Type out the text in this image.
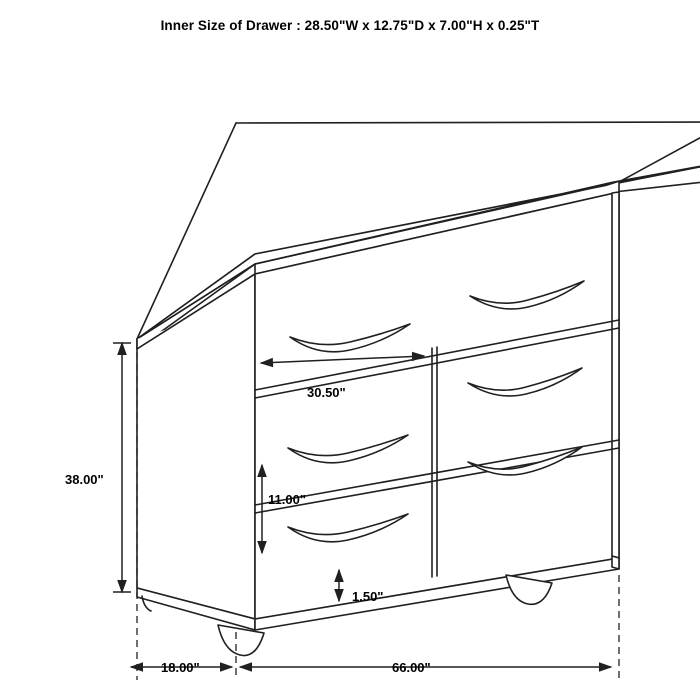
Inner Size of Drawer : 28.50"W x 12.75"D x 7.00"H x 0.25"T
30.50"
11.00"
1.50"
38.00"
18.00"	66.00"
